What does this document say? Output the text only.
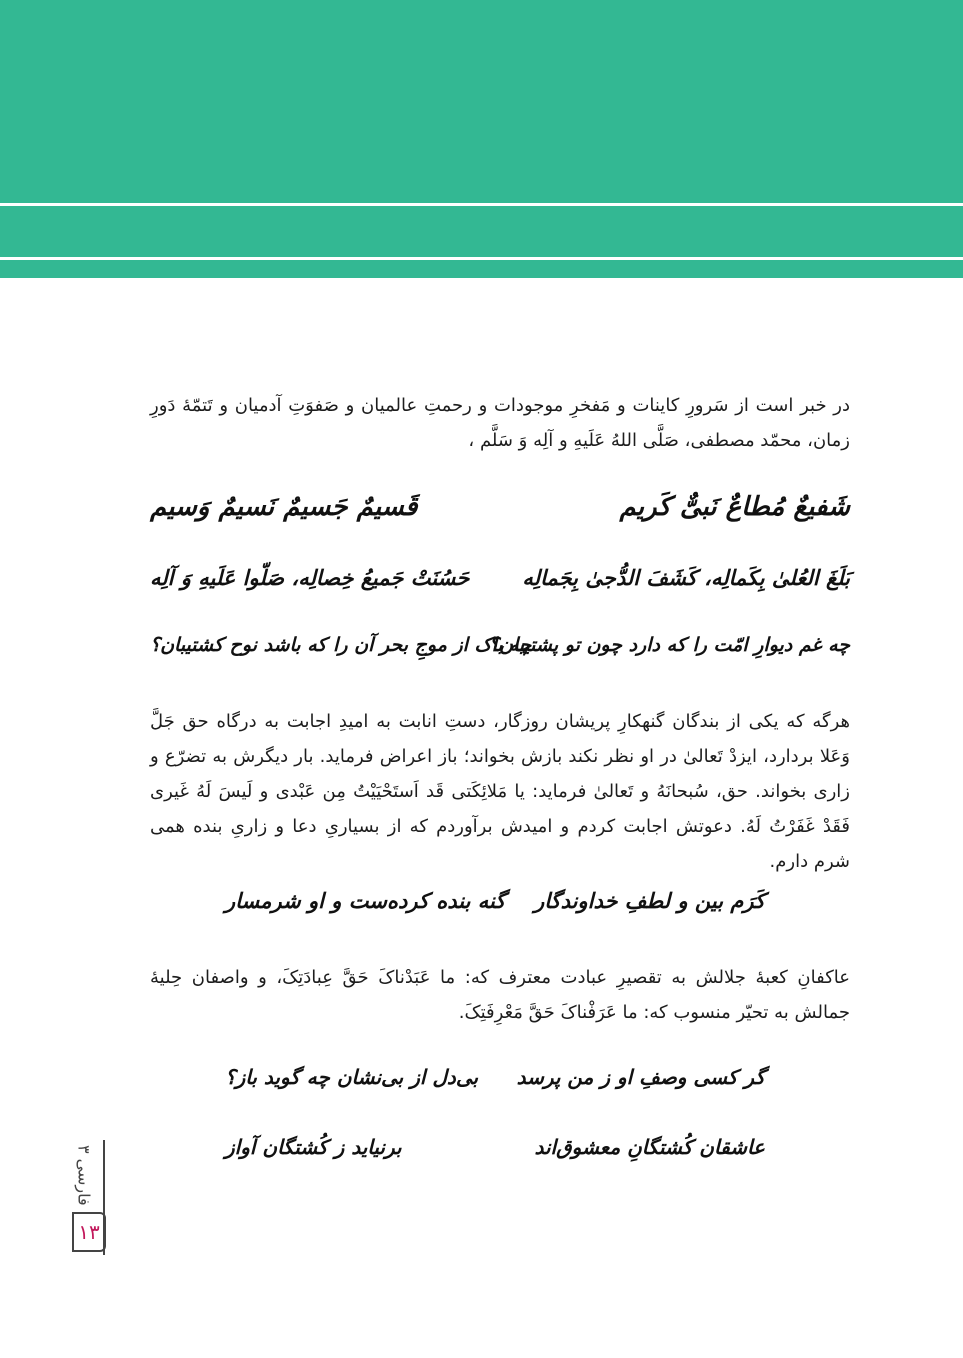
در خبر است از سَرورِ کاینات و مَفخرِ موجودات و رحمتِ عالمیان و صَفوَتِ آدمیان و تَتمّهٔ دَورِ زمان، محمّد مصطفی، صَلَّی اللهُ عَلَیهِ و آلِه وَ سَلَّم ،

شَفیعٌ مُطاعٌ نَبیٌّ کَریم
قَسیمٌ جَسیمٌ نَسیمٌ وَسیم
بَلَغَ العُلیٰ بِکَمالِه، کَشَفَ الدُّجیٰ بِجَمالِه
حَسُنَتْ جَمیعُ خِصالِه، صَلّوا عَلَیهِ وَ آلِه
چه غم دیوارِ امّت را که دارد چون تو پشتیبان؟
چه باک از موجِ بحر آن را که باشد نوح کشتیبان؟

هرگه که یکی از بندگان گنهکارِ پریشان روزگار، دستِ انابت به امیدِ اجابت به درگاه حق جَلَّ وَعَلا بردارد، ایزدْ تَعالیٰ در او نظر نکند بازش بخواند؛ باز اعراض فرماید. بار دیگرش به تضرّع و زاری بخواند. حق، سُبحانَهُ و تَعالیٰ فرماید: یا مَلائِکَتی قَد اَستَحْیَیْتُ مِن عَبْدی و لَیسَ لَهُ غَیری فَقَدْ غَفَرْتُ لَهُ. دعوتش اجابت کردم و امیدش برآوردم که از بسیاریِ دعا و زاریِ بنده همی شرم دارم.

کَرَم بین و لطفِ خداوندگار
گنه بنده کرده‌ست و او شرمسار

عاکفانِ کعبهٔ جلالش به تقصیرِ عبادت معترف که: ما عَبَدْناکَ حَقَّ عِبادَتِکَ، و واصفان حِلیهٔ جمالش به تحیّر منسوب که: ما عَرَفْناکَ حَقَّ مَعْرِفَتِکَ.

گر کسی وصفِ او ز من پرسد
بی‌دل از بی‌نشان چه گوید باز؟
عاشقان کُشتگانِ معشوق‌اند
برنیاید ز کُشتگان آواز
فارسی ۳
۱۳
